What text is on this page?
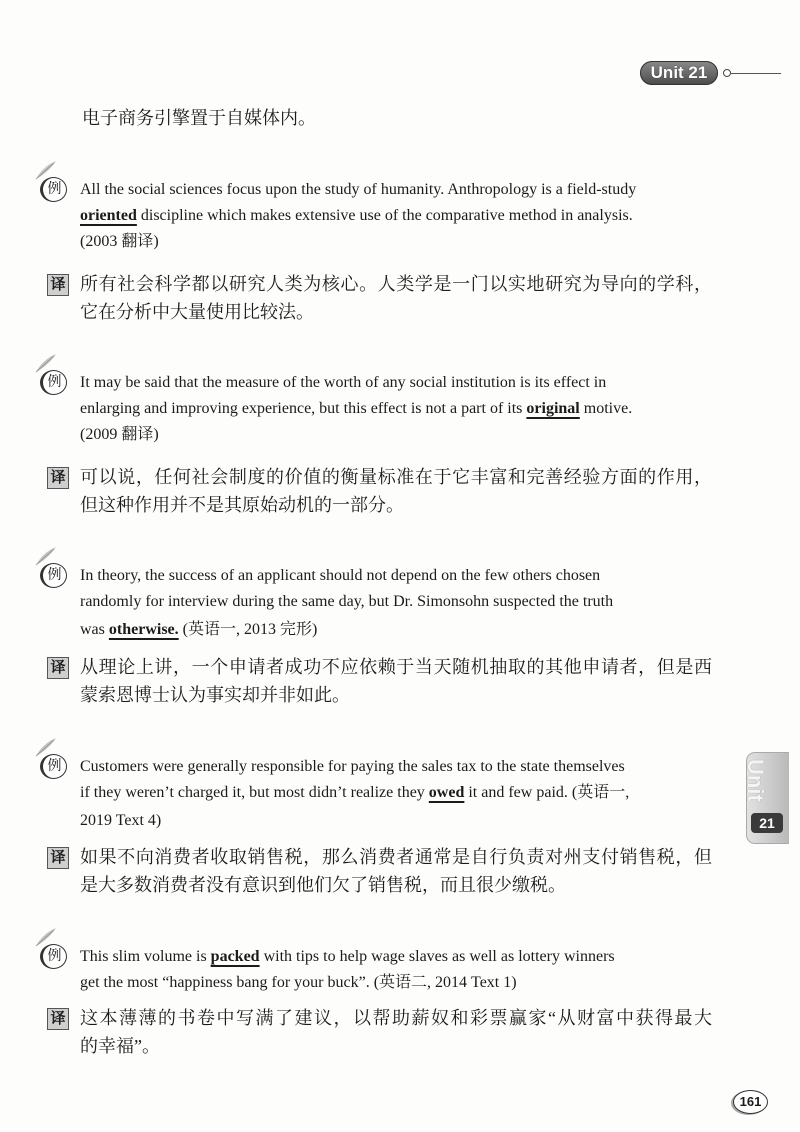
Unit 21
电子商务引擎置于自媒体内。
例	All the social sciences focus upon the study of humanity. Anthropology is a field-study
oriented discipline which makes extensive use of the comparative method in analysis.
(2003 翻译)
译 所有社会科学都以研究人类为核心。人类学是一门以实地研究为导向的学科，
它在分析中大量使用比较法。
例	It may be said that the measure of the worth of any social institution is its effect in
enlarging and improving experience, but this effect is not a part of its original motive.
(2009 翻译)
译 可以说，任何社会制度的价值的衡量标准在于它丰富和完善经验方面的作用，
但这种作用并不是其原始动机的一部分。
例	In theory, the success of an applicant should not depend on the few others chosen
randomly for interview during the same day, but Dr. Simonsohn suspected the truth
was otherwise. (英语一, 2013 完形)
译 从理论上讲，一个申请者成功不应依赖于当天随机抽取的其他申请者，但是西
蒙索恩博士认为事实却并非如此。
例	Customers were generally responsible for paying the sales tax to the state themselves
if they weren’t charged it, but most didn’t realize they owed it and few paid. (英语一,
2019 Text 4)
译 如果不向消费者收取销售税，那么消费者通常是自行负责对州支付销售税，但
是大多数消费者没有意识到他们欠了销售税，而且很少缴税。
例	This slim volume is packed with tips to help wage slaves as well as lottery winners
get the most “happiness bang for your buck”. (英语二, 2014 Text 1)
译 这本薄薄的书卷中写满了建议，以帮助薪奴和彩票赢家“从财富中获得最大
的幸福”。
Unit
21
161
